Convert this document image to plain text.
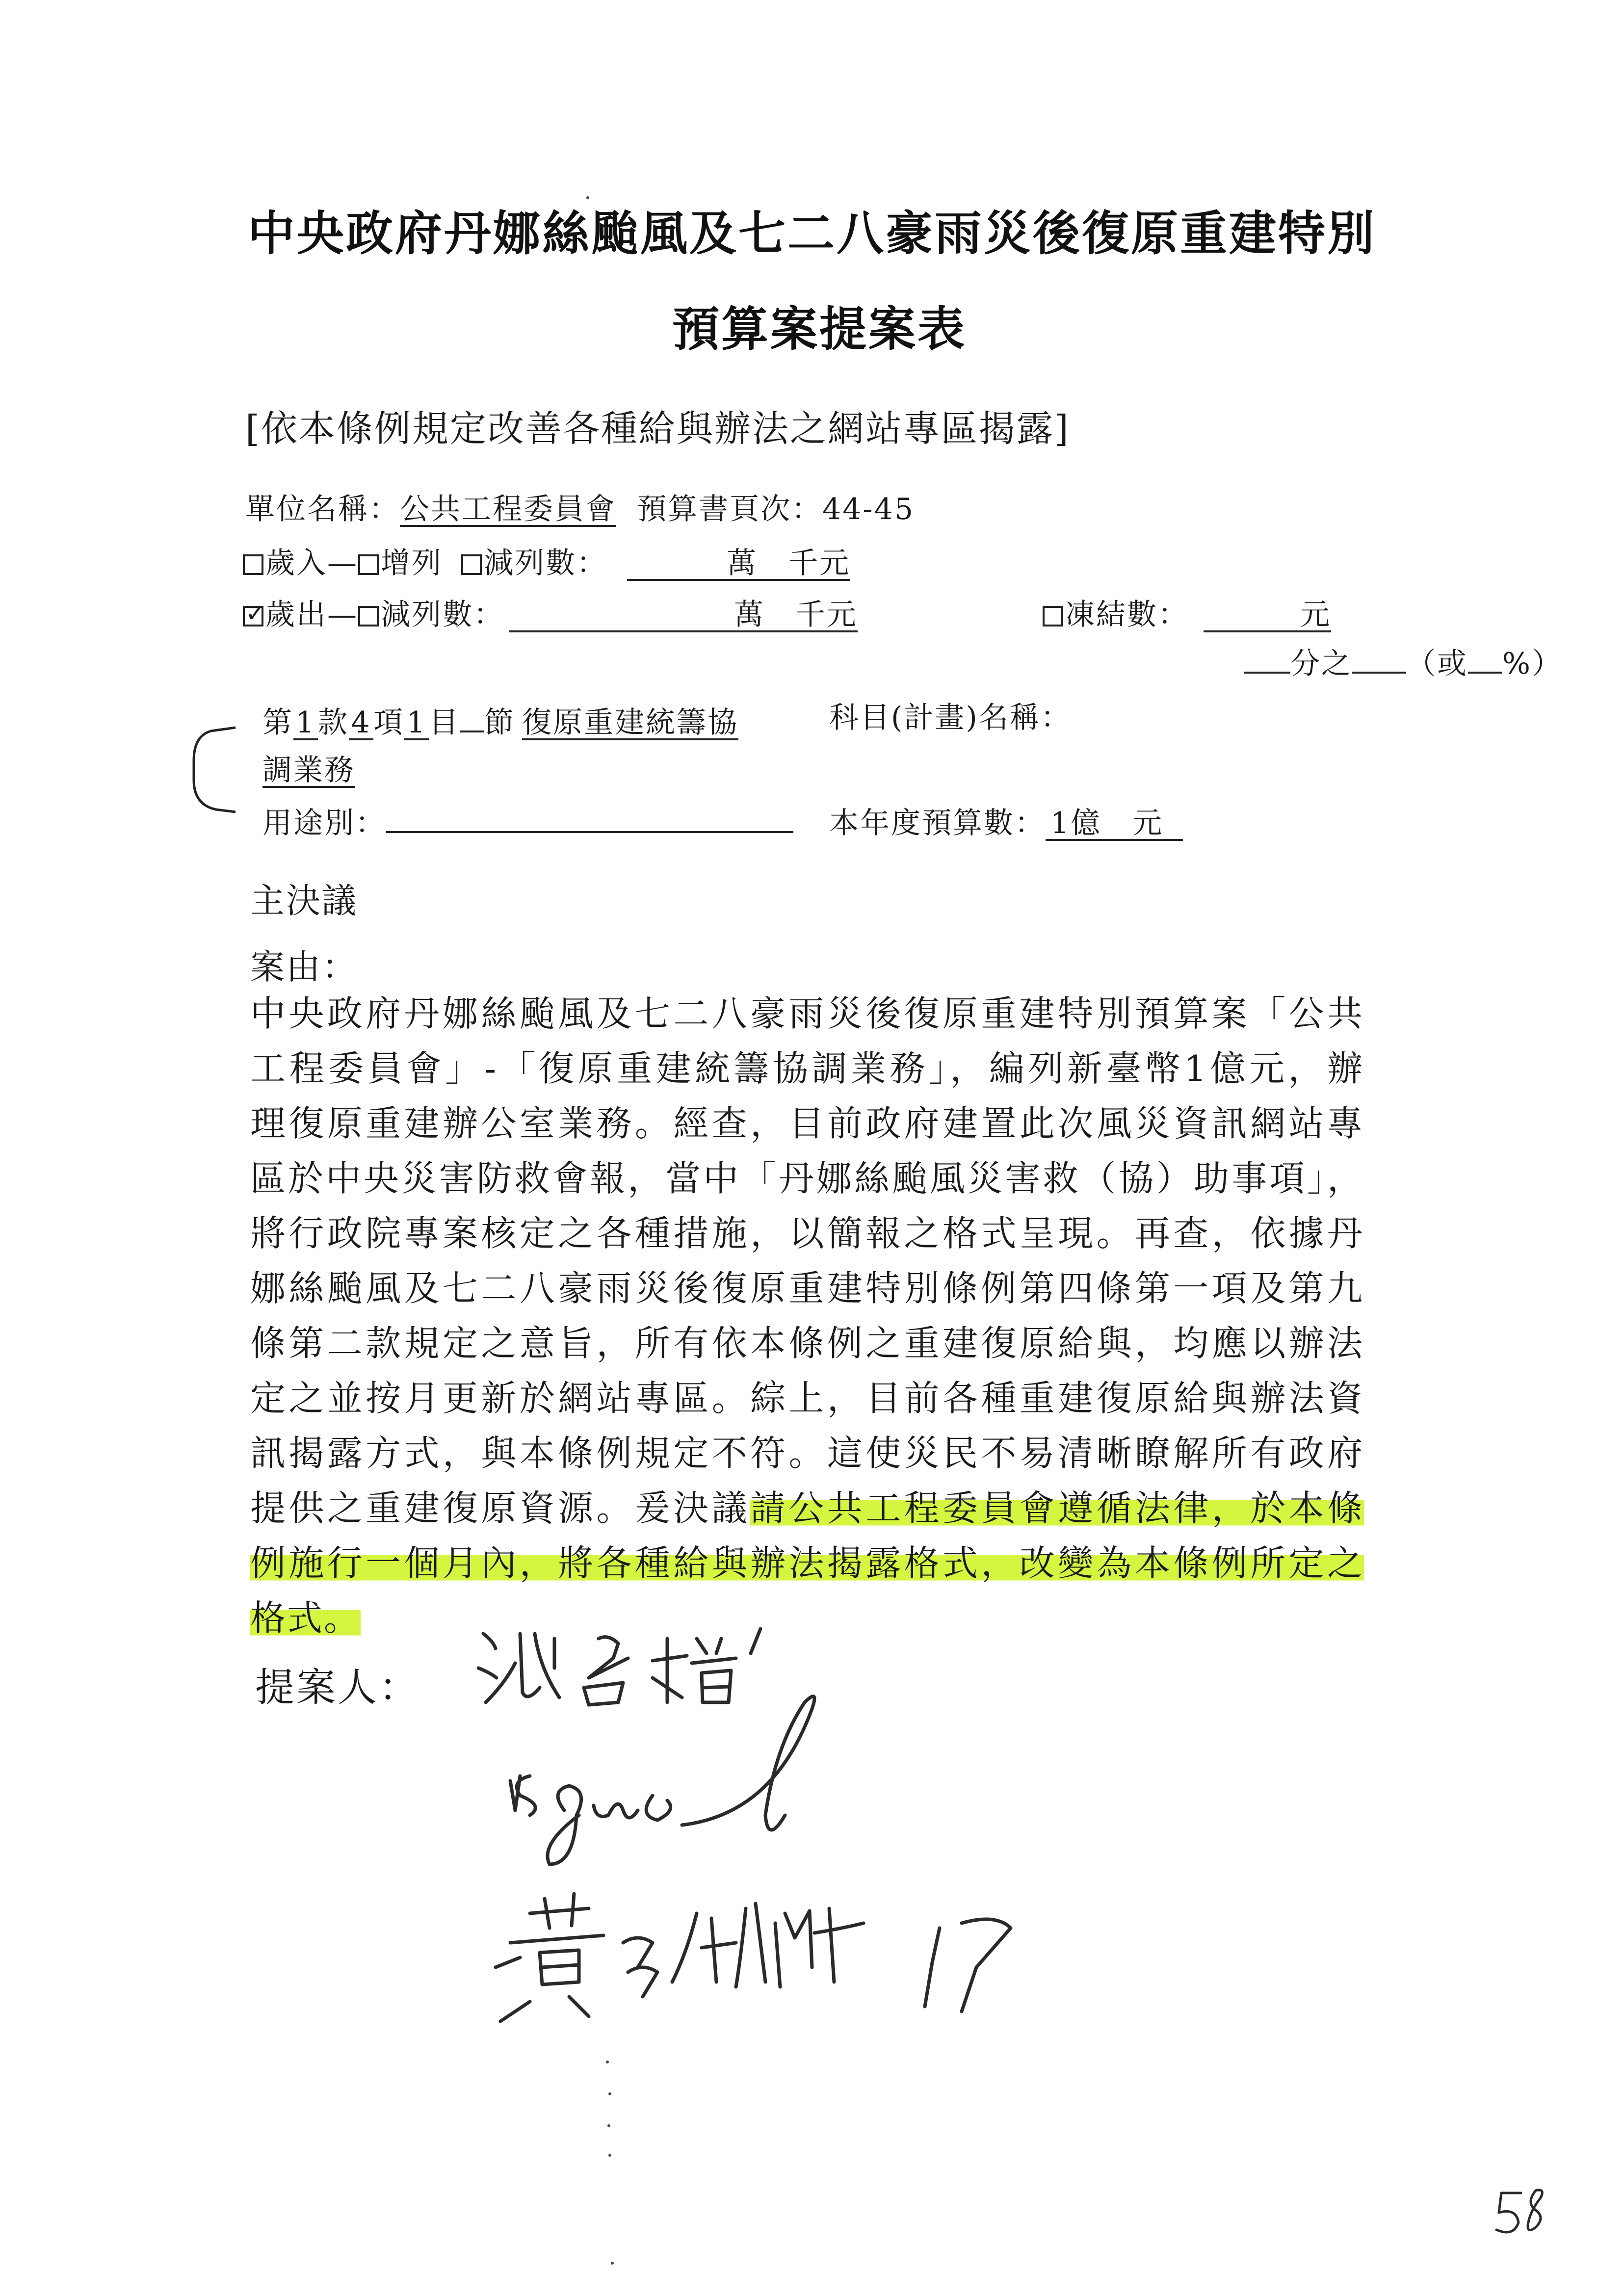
中央政府丹娜絲颱風及七二八豪雨災後復原重建特別
預算案提案表
[依本條例規定改善各種給與辦法之網站專區揭露]
單位名稱：公共工程委員會 預算書頁次：44-45
歲入— 增列 減列數：	萬　千元
✓歲出— 減列數：	萬　千元	凍結數：	元
分之 （或 %）
第1款4項1目 節 復原重建統籌協	科目(計畫)名稱：
調業務
用途別：	本年度預算數： 1億　元
主決議
案由：
中央政府丹娜絲颱風及七二八豪雨災後復原重建特別預算案「公共
工程委員會」-「復原重建統籌協調業務」，編列新臺幣1億元，辦
理復原重建辦公室業務。經查，目前政府建置此次風災資訊網站專
區於中央災害防救會報，當中「丹娜絲颱風災害救（協）助事項」，
將行政院專案核定之各種措施，以簡報之格式呈現。再查，依據丹
娜絲颱風及七二八豪雨災後復原重建特別條例第四條第一項及第九
條第二款規定之意旨，所有依本條例之重建復原給與，均應以辦法
定之並按月更新於網站專區。綜上，目前各種重建復原給與辦法資
訊揭露方式，與本條例規定不符。這使災民不易清晰瞭解所有政府
提供之重建復原資源。爰決議請公共工程委員會遵循法律，於本條
例施行一個月內，將各種給與辦法揭露格式，改變為本條例所定之
格式。
提案人：
